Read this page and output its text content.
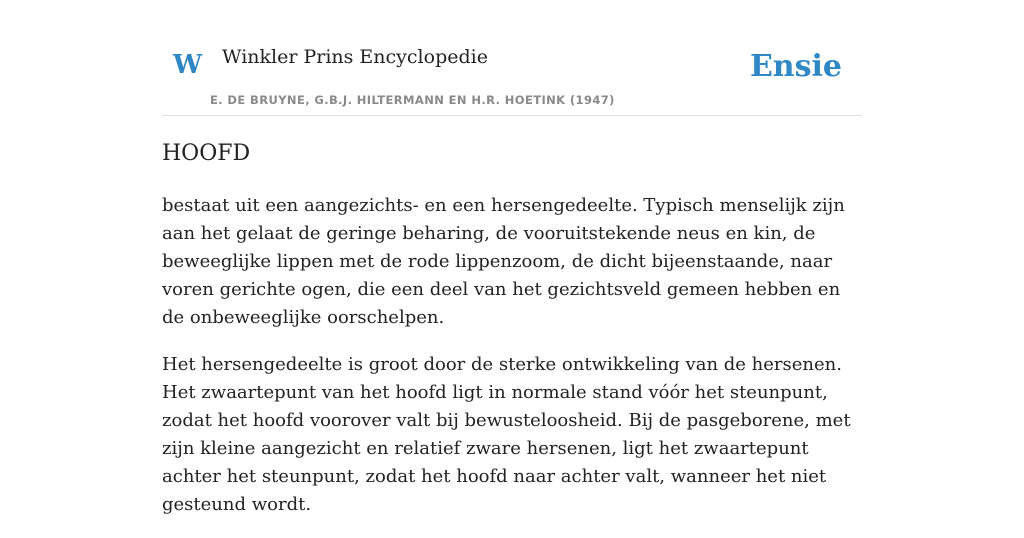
W Winkler Prins Encyclopedie
E. DE BRUYNE, G.B.J. HILTERMANN EN H.R. HOETINK (1947)
Ensie
HOOFD

bestaat uit een aangezichts- en een hersengedeelte. Typisch menselijk zijn aan het gelaat de geringe beharing, de vooruitstekende neus en kin, de beweeglijke lippen met de rode lippenzoom, de dicht bijeenstaande, naar voren gerichte ogen, die een deel van het gezichtsveld gemeen hebben en de onbeweeglijke oorschelpen.

Het hersengedeelte is groot door de sterke ontwikkeling van de hersenen. Het zwaartepunt van het hoofd ligt in normale stand vóór het steunpunt, zodat het hoofd voorover valt bij bewusteloosheid. Bij de pasgeborene, met zijn kleine aangezicht en relatief zware hersenen, ligt het zwaartepunt achter het steunpunt, zodat het hoofd naar achter valt, wanneer het niet gesteund wordt.
